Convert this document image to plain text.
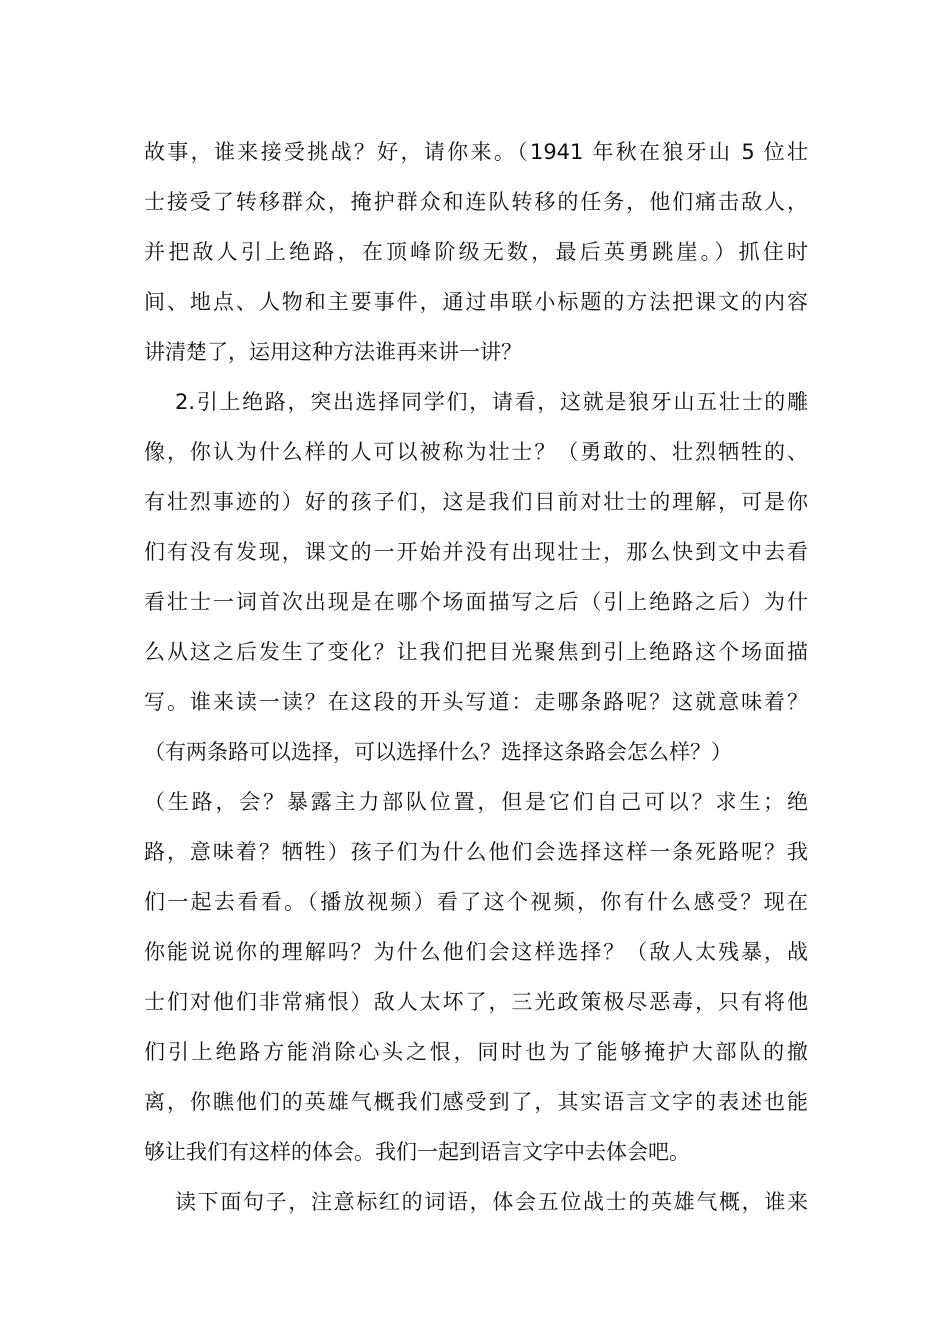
故事，谁来接受挑战？好，请你来。（1941 年秋在狼牙山 5 位壮
士接受了转移群众，掩护群众和连队转移的任务，他们痛击敌人，
并把敌人引上绝路，在顶峰阶级无数，最后英勇跳崖。）抓住时
间、地点、人物和主要事件，通过串联小标题的方法把课文的内容
讲清楚了，运用这种方法谁再来讲一讲？
2.引上绝路，突出选择同学们，请看，这就是狼牙山五壮士的雕
像，你认为什么样的人可以被称为壮士？（勇敢的、壮烈牺牲的、
有壮烈事迹的）好的孩子们，这是我们目前对壮士的理解，可是你
们有没有发现，课文的一开始并没有出现壮士，那么快到文中去看
看壮士一词首次出现是在哪个场面描写之后（引上绝路之后）为什
么从这之后发生了变化？让我们把目光聚焦到引上绝路这个场面描
写。谁来读一读？在这段的开头写道：走哪条路呢？这就意味着？
（有两条路可以选择，可以选择什么？选择这条路会怎么样？）
（生路，会？暴露主力部队位置，但是它们自己可以？求生；绝
路，意味着？牺牲）孩子们为什么他们会选择这样一条死路呢？我
们一起去看看。（播放视频）看了这个视频，你有什么感受？现在
你能说说你的理解吗？为什么他们会这样选择？（敌人太残暴，战
士们对他们非常痛恨）敌人太坏了，三光政策极尽恶毒，只有将他
们引上绝路方能消除心头之恨，同时也为了能够掩护大部队的撤
离，你瞧他们的英雄气概我们感受到了，其实语言文字的表述也能
够让我们有这样的体会。我们一起到语言文字中去体会吧。
读下面句子，注意标红的词语，体会五位战士的英雄气概，谁来
